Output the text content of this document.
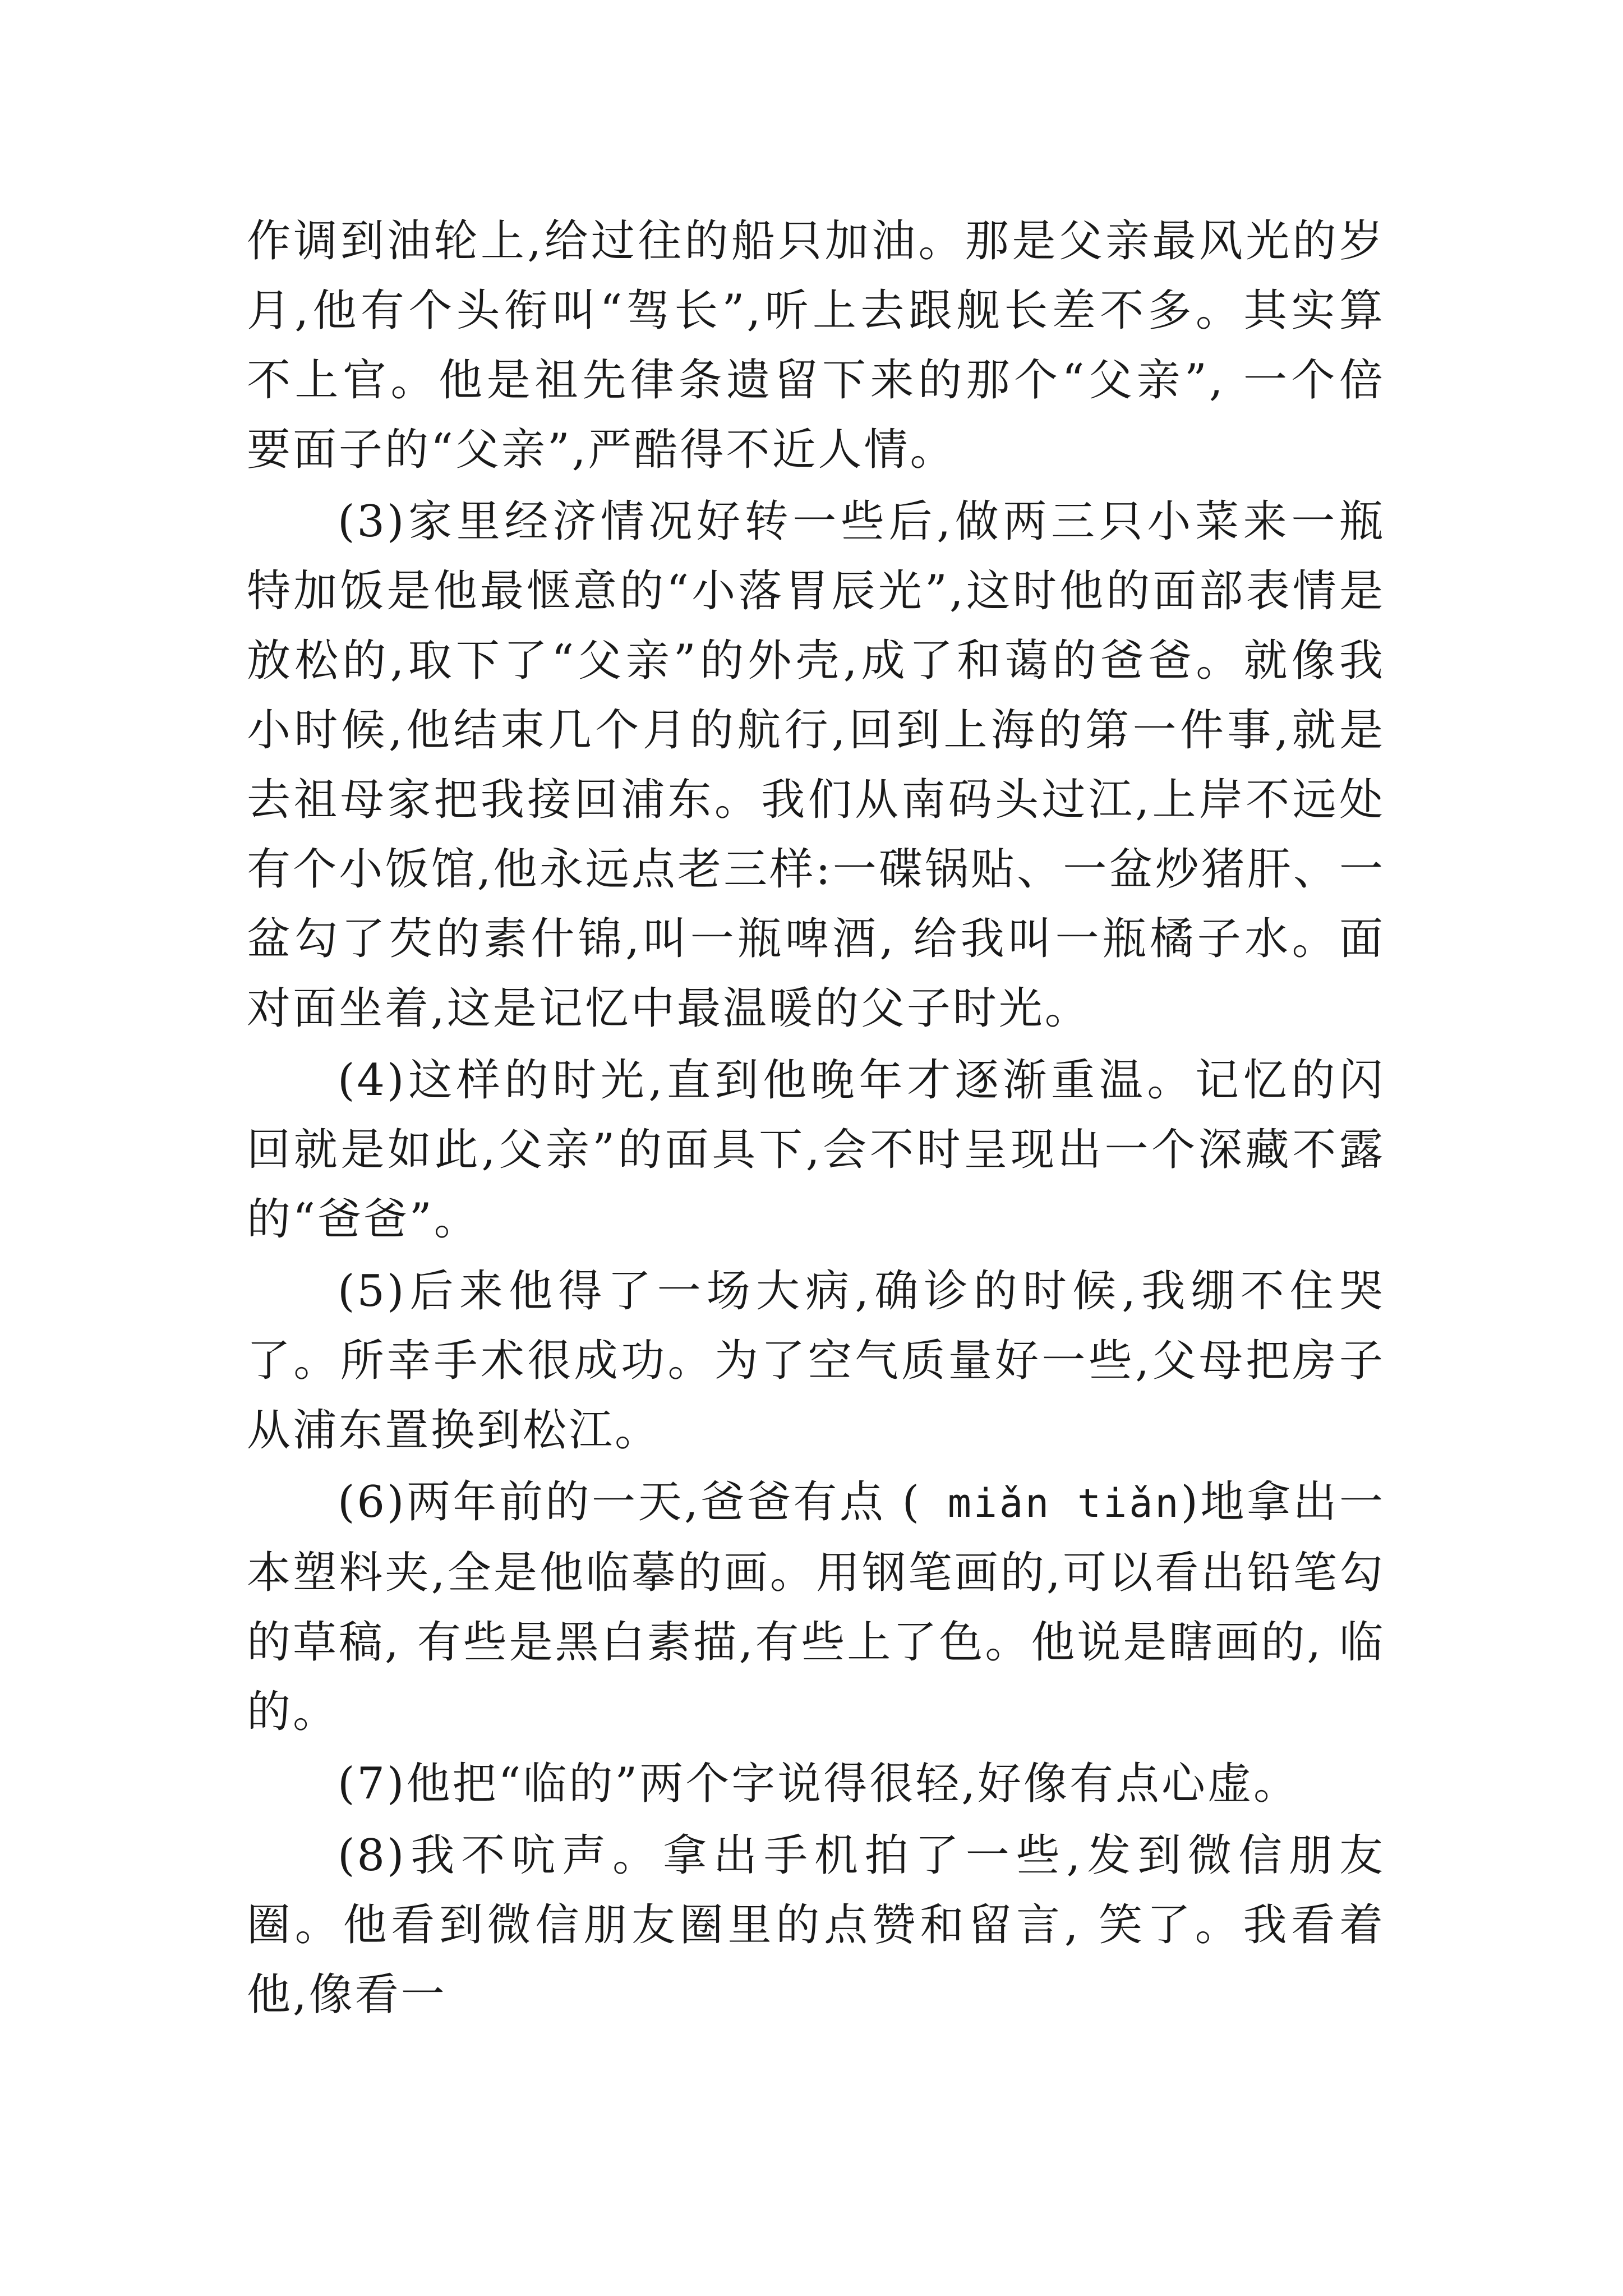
作调到油轮上,给过往的船只加油。那是父亲最风光的岁月,他有个头衔叫“驾长”,听上去跟舰长差不多。其实算不上官。他是祖先律条遗留下来的那个“父亲”, 一个倍要面子的“父亲”,严酷得不近人情。

(3)家里经济情况好转一些后,做两三只小菜来一瓶特加饭是他最惬意的“小落胃辰光”,这时他的面部表情是放松的,取下了“父亲”的外壳,成了和蔼的爸爸。就像我小时候,他结束几个月的航行,回到上海的第一件事,就是去祖母家把我接回浦东。我们从南码头过江,上岸不远处有个小饭馆,他永远点老三样:一碟锅贴、一盆炒猪肝、一盆勾了芡的素什锦,叫一瓶啤酒, 给我叫一瓶橘子水。面对面坐着,这是记忆中最温暖的父子时光。

(4)这样的时光,直到他晚年才逐渐重温。记忆的闪回就是如此,父亲”的面具下,会不时呈现出一个深藏不露的“爸爸”。

(5)后来他得了一场大病,确诊的时候,我绷不住哭了。所幸手术很成功。为了空气质量好一些,父母把房子从浦东置换到松江。

(6)两年前的一天,爸爸有点 ( miǎn tiǎn)地拿出一本塑料夹,全是他临摹的画。用钢笔画的,可以看出铅笔勾的草稿, 有些是黑白素描,有些上了色。他说是瞎画的, 临的。

(7)他把“临的”两个字说得很轻,好像有点心虚。

(8)我不吭声。拿出手机拍了一些,发到微信朋友圈。他看到微信朋友圈里的点赞和留言, 笑了。我看着他,像看一
